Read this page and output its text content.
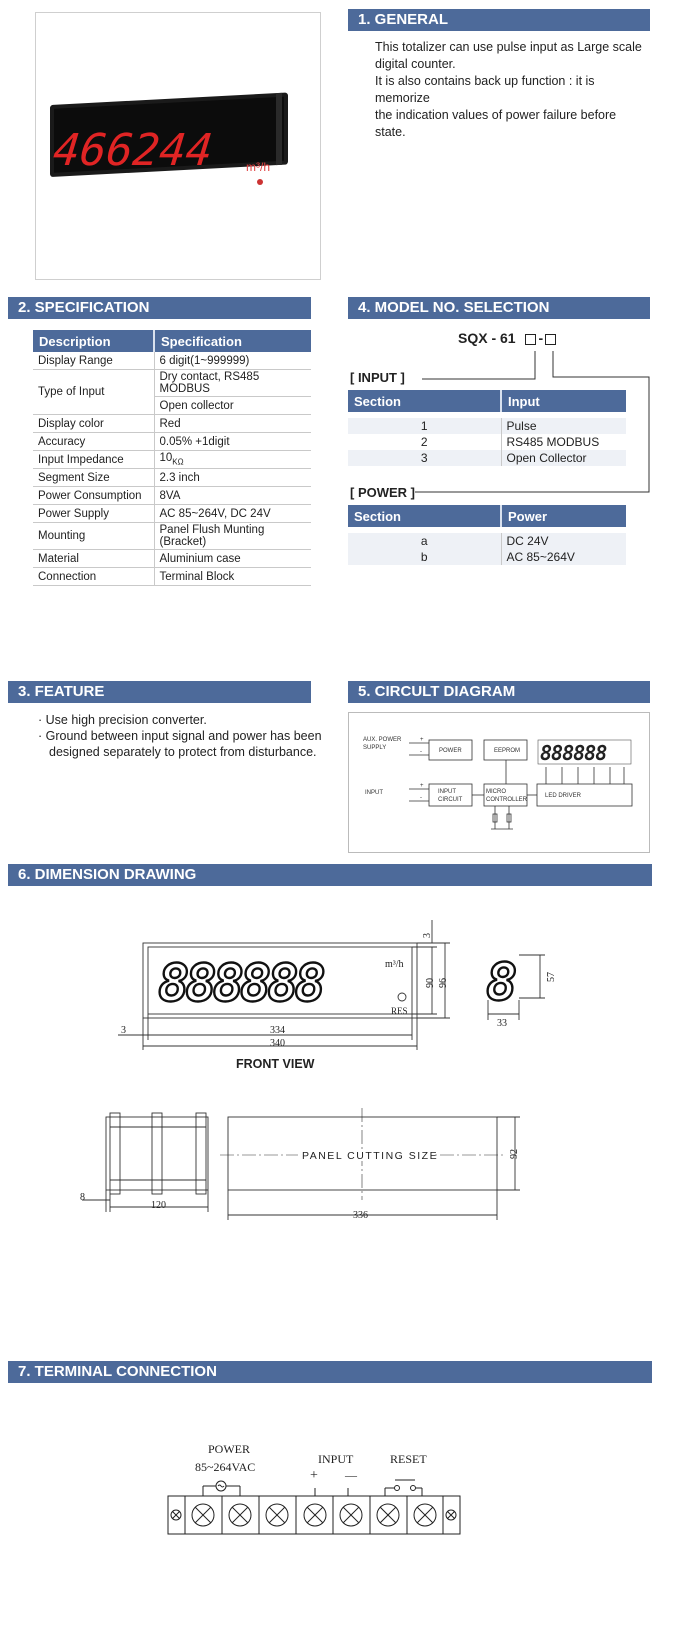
466244	m³/h
1. GENERAL
This totalizer can use pulse input as Large scale
digital counter.
It is also contains back up function : it is memorize
the indication values of power failure before state.
2. SPECIFICATION
Description	Specification
Display Range	6 digit(1~999999)
Type of Input	Dry contact, RS485 MODBUS
	Open collector
Display color	Red
Accuracy	0.05% +1digit
Input Impedance	$10_{K\Omega}$
Segment Size	2.3 inch
Power Consumption	8VA
Power Supply	AC 85~264V, DC 24V
Mounting	Panel Flush Munting (Bracket)
Material	Aluminium case
Connection	Terminal Block
4. MODEL NO. SELECTION
SQX - 61 -
[ INPUT ]
Section	Input

1	Pulse
2	RS485 MODBUS
3	Open Collector
[ POWER ]
Section	Power

a	DC 24V
b	AC 85~264V
3. FEATURE
· Use high precision converter.
· Ground between input signal and power has been
designed separately to protect from disturbance.
5. CIRCULT DIAGRAM
AUX. POWER
SUPPLY
INPUT
+
-
+
-
POWER	EEPROM
INPUT
CIRCUIT
MICRO
CONTROLLER
LED DRIVER
888888
6. DIMENSION DRAWING
888888	m³/h
RES 8
3
90 96
57
33
334
340
3
FRONT VIEW
PANEL CUTTING SIZE
8
120
92
336
7. TERMINAL CONNECTION
POWER
85~264VAC
INPUT	RESET
+ —
